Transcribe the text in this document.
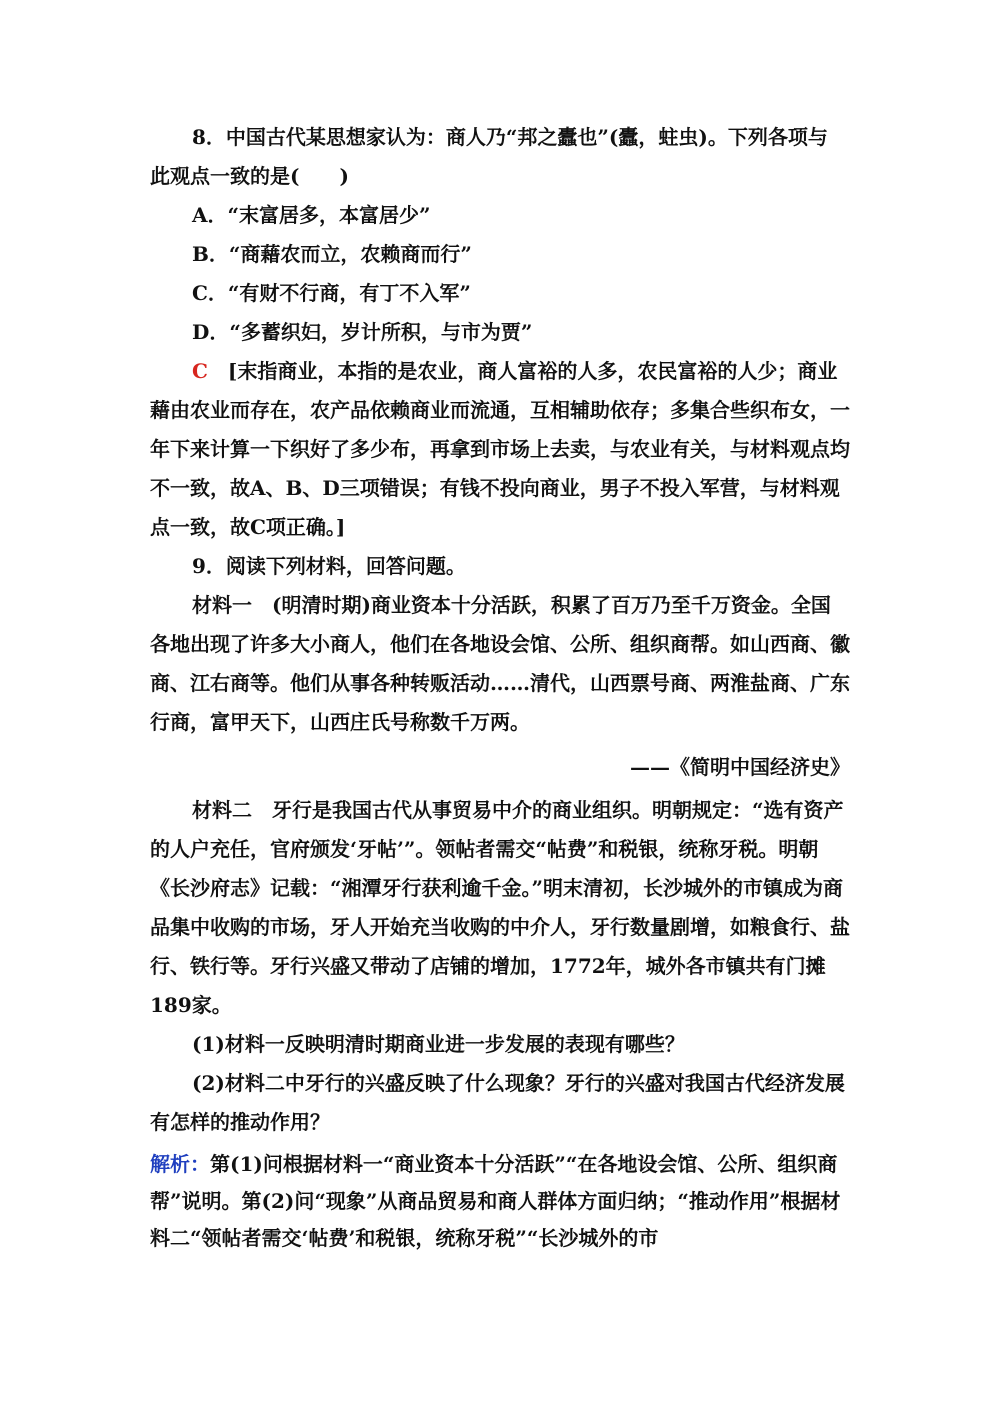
8．中国古代某思想家认为：商人乃“邦之蠹也”(蠹，蛀虫)。下列各项与

此观点一致的是(　　)

A．“末富居多，本富居少”

B．“商藉农而立，农赖商而行”

C．“有财不行商，有丁不入军”

D．“多蓄织妇，岁计所积，与市为贾”

C　 [末指商业，本指的是农业，商人富裕的人多，农民富裕的人少；商业藉由农业而存在，农产品依赖商业而流通，互相辅助依存；多集合些织布女，一年下来计算一下织好了多少布，再拿到市场上去卖，与农业有关，与材料观点均不一致，故A、B、D三项错误；有钱不投向商业，男子不投入军营，与材料观点一致，故C项正确。]

9．阅读下列材料，回答问题。

材料一　 (明清时期)商业资本十分活跃，积累了百万乃至千万资金。全国各地出现了许多大小商人，他们在各地设会馆、公所、组织商帮。如山西商、徽商、江右商等。他们从事各种转贩活动……清代，山西票号商、两淮盐商、广东行商，富甲天下，山西庄氏号称数千万两。

——《简明中国经济史》

材料二　 牙行是我国古代从事贸易中介的商业组织。明朝规定：“选有资产的人户充任，官府颁发‘牙帖’”。领帖者需交“帖费”和税银，统称牙税。明朝《长沙府志》记载：“湘潭牙行获利逾千金。”明末清初，长沙城外的市镇成为商品集中收购的市场，牙人开始充当收购的中介人，牙行数量剧增，如粮食行、盐行、铁行等。牙行兴盛又带动了店铺的增加，1772年，城外各市镇共有门摊189家。

(1)材料一反映明清时期商业进一步发展的表现有哪些？

(2)材料二中牙行的兴盛反映了什么现象？牙行的兴盛对我国古代经济发展有怎样的推动作用？

解析：第(1)问根据材料一“商业资本十分活跃”“在各地设会馆、公所、组织商帮”说明。第(2)问“现象”从商品贸易和商人群体方面归纳；“推动作用”根据材料二“领帖者需交‘帖费’和税银，统称牙税”“长沙城外的市
